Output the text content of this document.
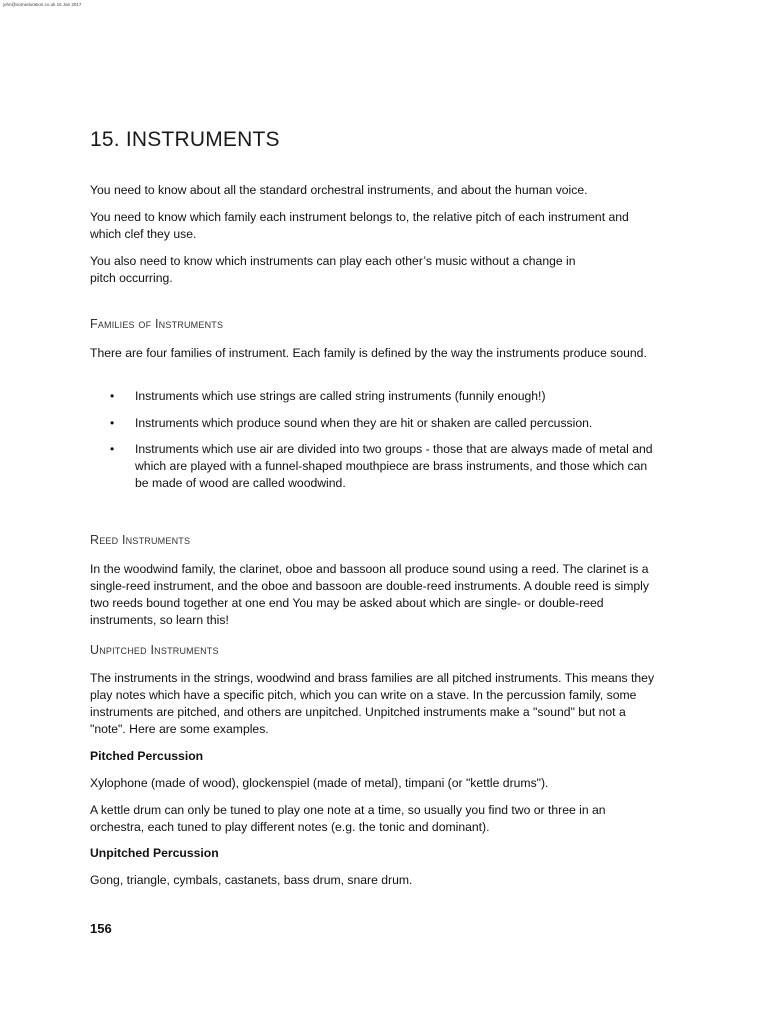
john@someduration.co.uk 16 Jan 2017
15. INSTRUMENTS

You need to know about all the standard orchestral instruments, and about the human voice.

You need to know which family each instrument belongs to, the relative pitch of each instrument and which clef they use.

You also need to know which instruments can play each other’s music without a change in pitch occurring.

Families of Instruments

There are four families of instrument. Each family is defined by the way the instruments produce sound.

• Instruments which use strings are called string instruments (funnily enough!)

• Instruments which produce sound when they are hit or shaken are called percussion.

• Instruments which use air are divided into two groups - those that are always made of metal and which are played with a funnel-shaped mouthpiece are brass instruments, and those which can be made of wood are called woodwind.

Reed Instruments

In the woodwind family, the clarinet, oboe and bassoon all produce sound using a reed. The clarinet is a single-reed instrument, and the oboe and bassoon are double-reed instruments. A double reed is simply two reeds bound together at one end You may be asked about which are single- or double-reed instruments, so learn this!

Unpitched Instruments

The instruments in the strings, woodwind and brass families are all pitched instruments. This means they play notes which have a specific pitch, which you can write on a stave. In the percussion family, some instruments are pitched, and others are unpitched. Unpitched instruments make a "sound" but not a "note". Here are some examples.

Pitched Percussion

Xylophone (made of wood), glockenspiel (made of metal), timpani (or "kettle drums").

A kettle drum can only be tuned to play one note at a time, so usually you find two or three in an orchestra, each tuned to play different notes (e.g. the tonic and dominant).

Unpitched Percussion

Gong, triangle, cymbals, castanets, bass drum, snare drum.

156
